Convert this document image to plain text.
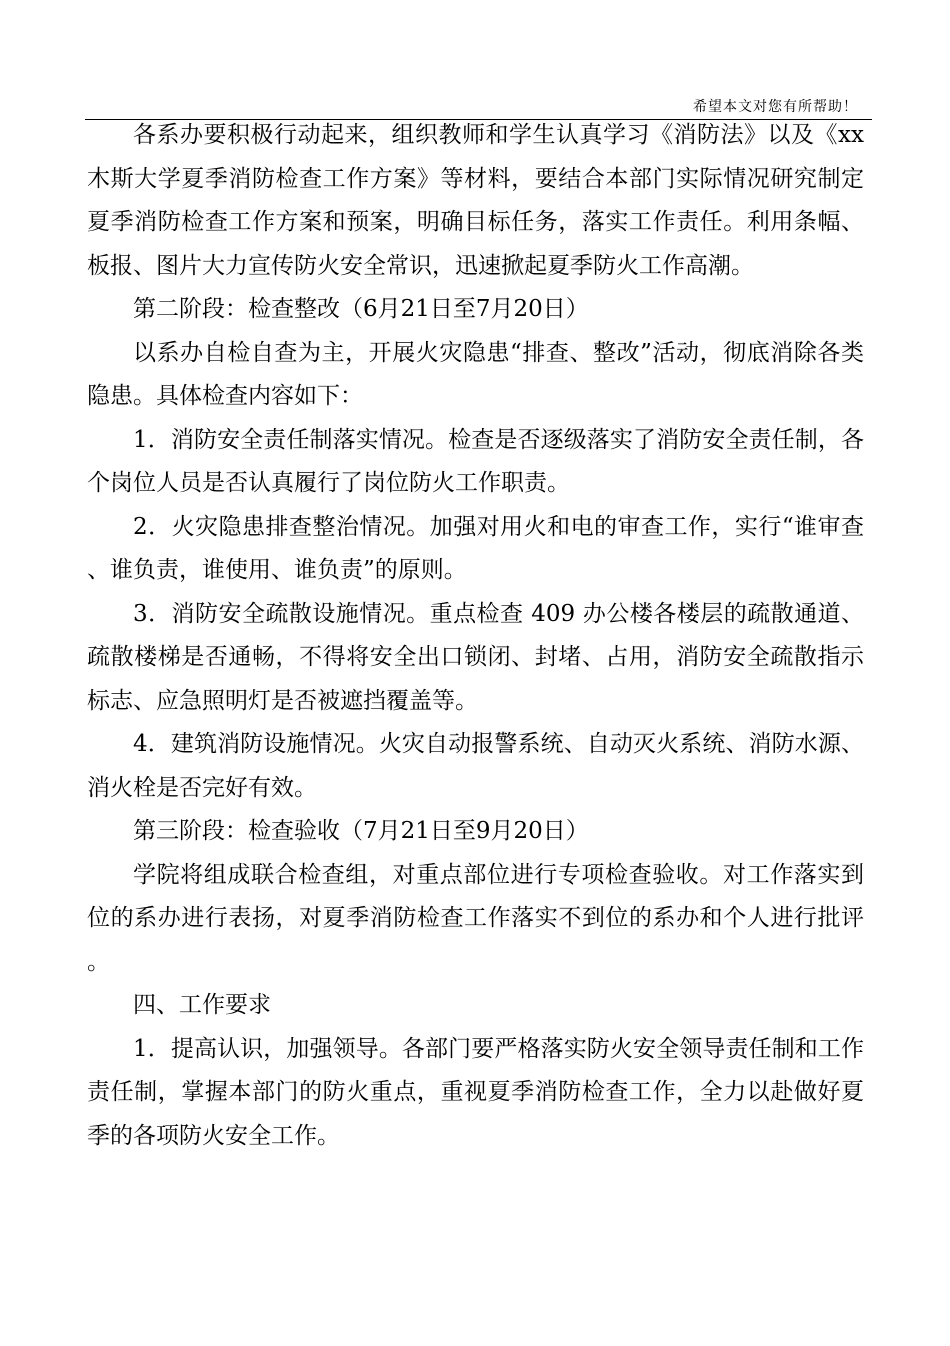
希望本文对您有所帮助！

各系办要积极行动起来，组织教师和学生认真学习《消防法》以及《xx木斯大学夏季消防检查工作方案》等材料，要结合本部门实际情况研究制定夏季消防检查工作方案和预案，明确目标任务，落实工作责任。利用条幅、板报、图片大力宣传防火安全常识，迅速掀起夏季防火工作高潮。

第二阶段：检查整改（6月21日至7月20日）

以系办自检自查为主，开展火灾隐患“排查、整改”活动，彻底消除各类隐患。具体检查内容如下：

1．消防安全责任制落实情况。检查是否逐级落实了消防安全责任制，各个岗位人员是否认真履行了岗位防火工作职责。

2．火灾隐患排查整治情况。加强对用火和电的审查工作，实行“谁审查、谁负责，谁使用、谁负责”的原则。

3．消防安全疏散设施情况。重点检查 409 办公楼各楼层的疏散通道、疏散楼梯是否通畅，不得将安全出口锁闭、封堵、占用，消防安全疏散指示标志、应急照明灯是否被遮挡覆盖等。

4．建筑消防设施情况。火灾自动报警系统、自动灭火系统、消防水源、消火栓是否完好有效。

第三阶段：检查验收（7月21日至9月20日）

学院将组成联合检查组，对重点部位进行专项检查验收。对工作落实到位的系办进行表扬，对夏季消防检查工作落实不到位的系办和个人进行批评。

四、工作要求

1．提高认识，加强领导。各部门要严格落实防火安全领导责任制和工作责任制，掌握本部门的防火重点，重视夏季消防检查工作，全力以赴做好夏季的各项防火安全工作。
